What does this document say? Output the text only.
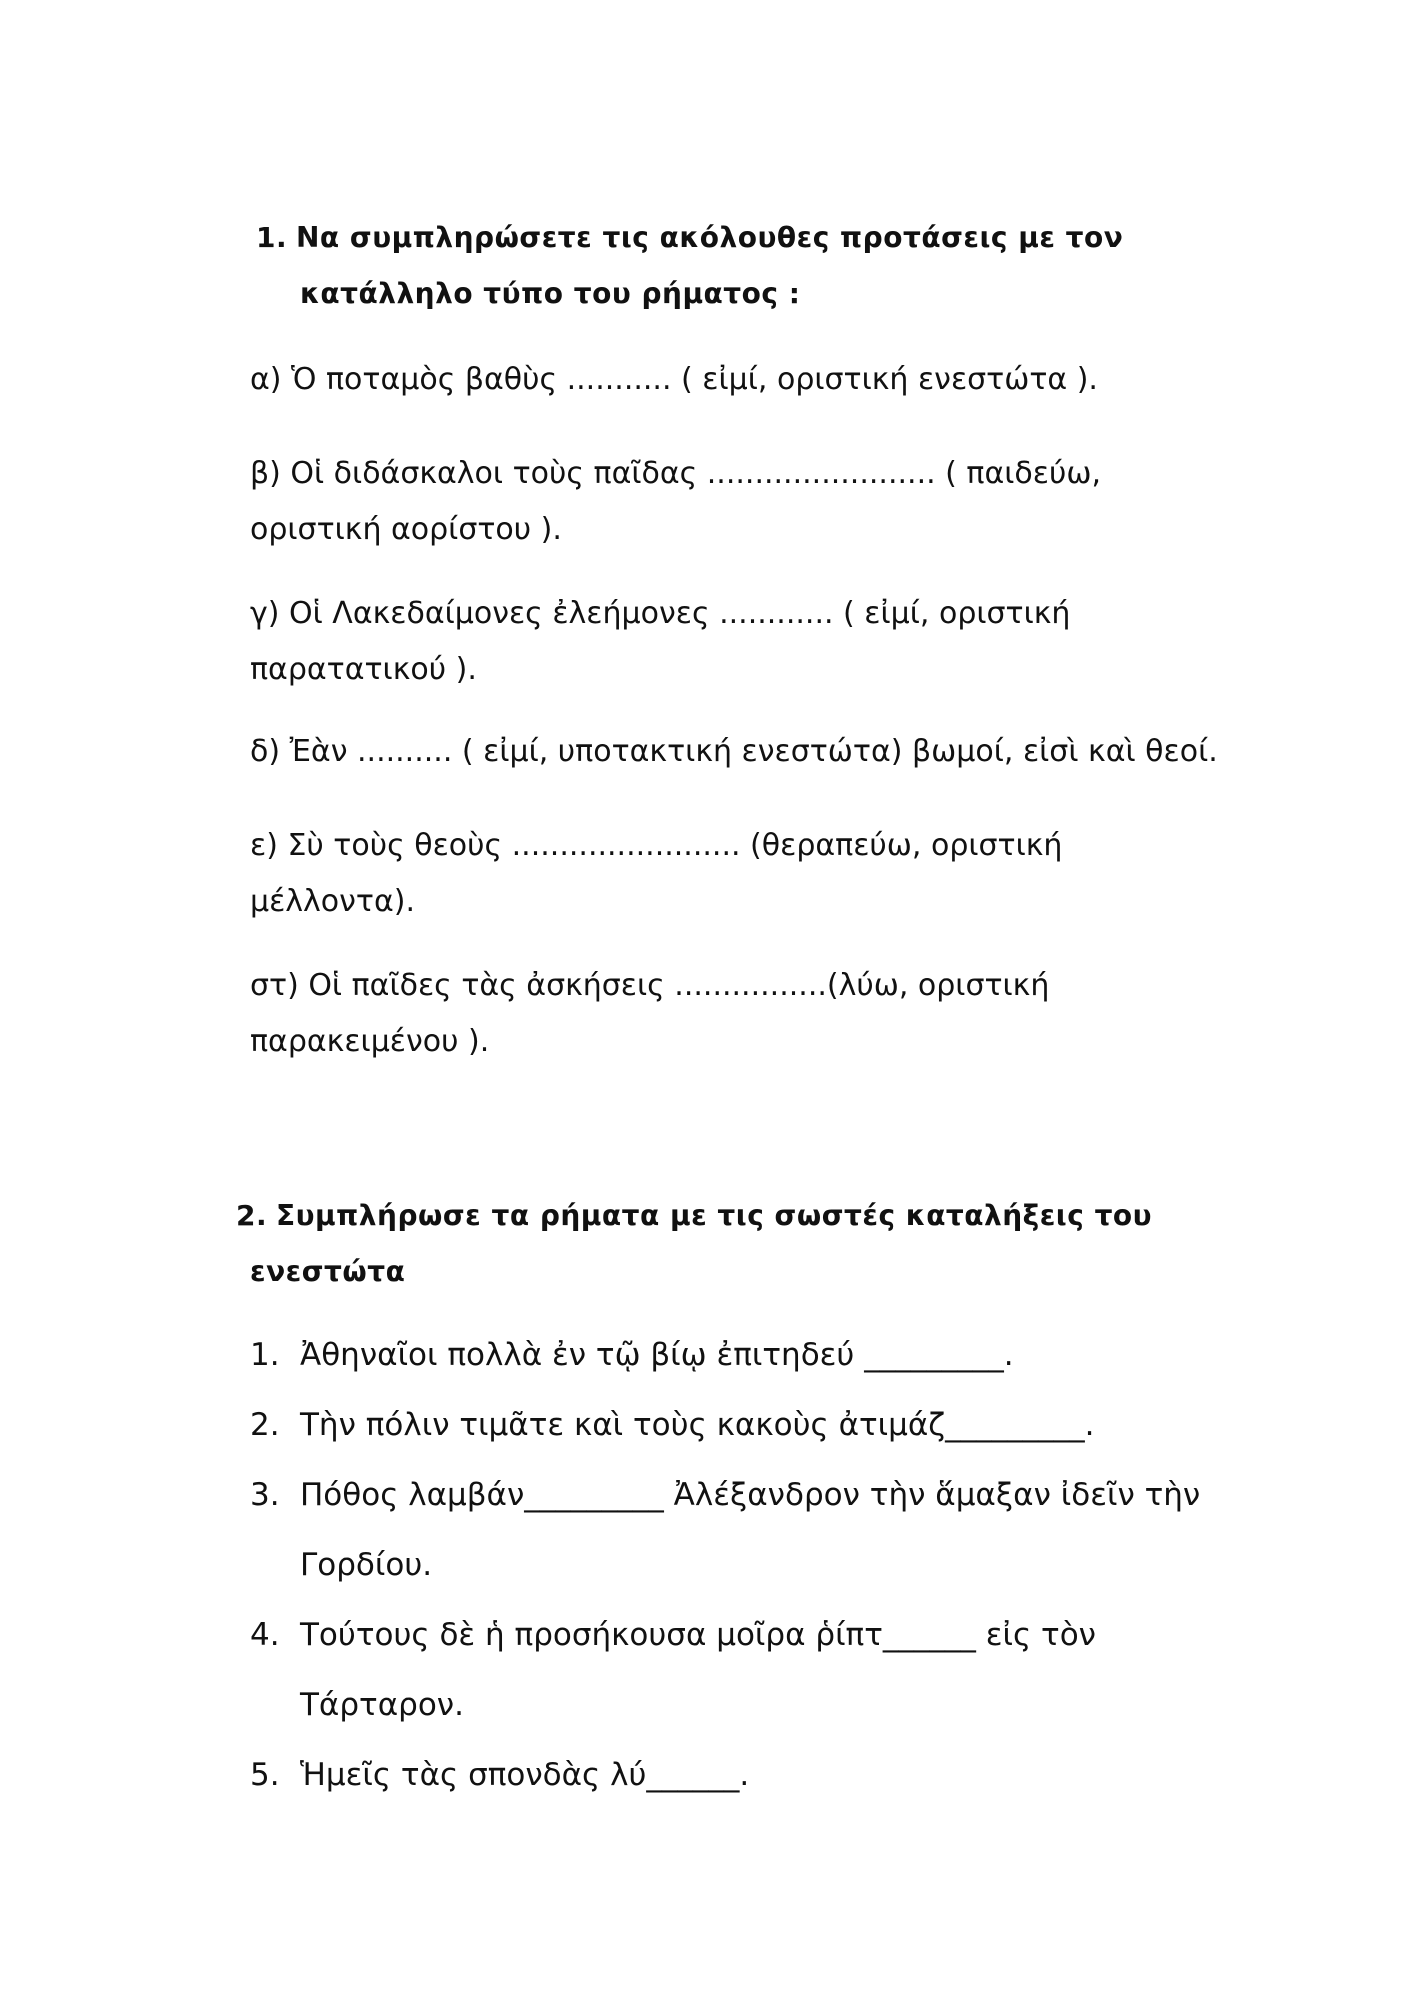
1. Να συμπληρώσετε τις ακόλουθες προτάσεις με τον
κατάλληλο τύπο του ρήματος :
α) Ὁ ποταμὸς βαθὺς ........... ( εἰμί, οριστική ενεστώτα ).
β) Οἱ διδάσκαλοι τοὺς παῖδας ........................ ( παιδεύω,
οριστική αορίστου ).
γ) Οἱ Λακεδαίμονες ἐλεήμονες ............ ( εἰμί, οριστική
παρατατικού ).
δ) Ἐὰν .......... ( εἰμί, υποτακτική ενεστώτα) βωμοί, εἰσὶ καὶ θεοί.
ε) Σὺ τοὺς θεοὺς ........................ (θεραπεύω, οριστική
μέλλοντα).
στ) Οἱ παῖδες τὰς ἀσκήσεις ................(λύω, οριστική
παρακειμένου ).
2. Συμπλήρωσε τα ρήματα με τις σωστές καταλήξεις του
ενεστώτα
1. Ἀθηναῖοι πολλὰ ἐν τῷ βίῳ ἐπιτηδεύ _________.
2. Τὴν πόλιν τιμᾶτε καὶ τοὺς κακοὺς ἀτιμάζ_________.
3. Πόθος λαμβάν_________ Ἀλέξανδρον τὴν ἅμαξαν ἰδεῖν τὴν
Γορδίου.
4. Τούτους δὲ ἡ προσήκουσα μοῖρα ῥίπτ______ εἰς τὸν
Τάρταρον.
5. Ἡμεῖς τὰς σπονδὰς λύ______.
